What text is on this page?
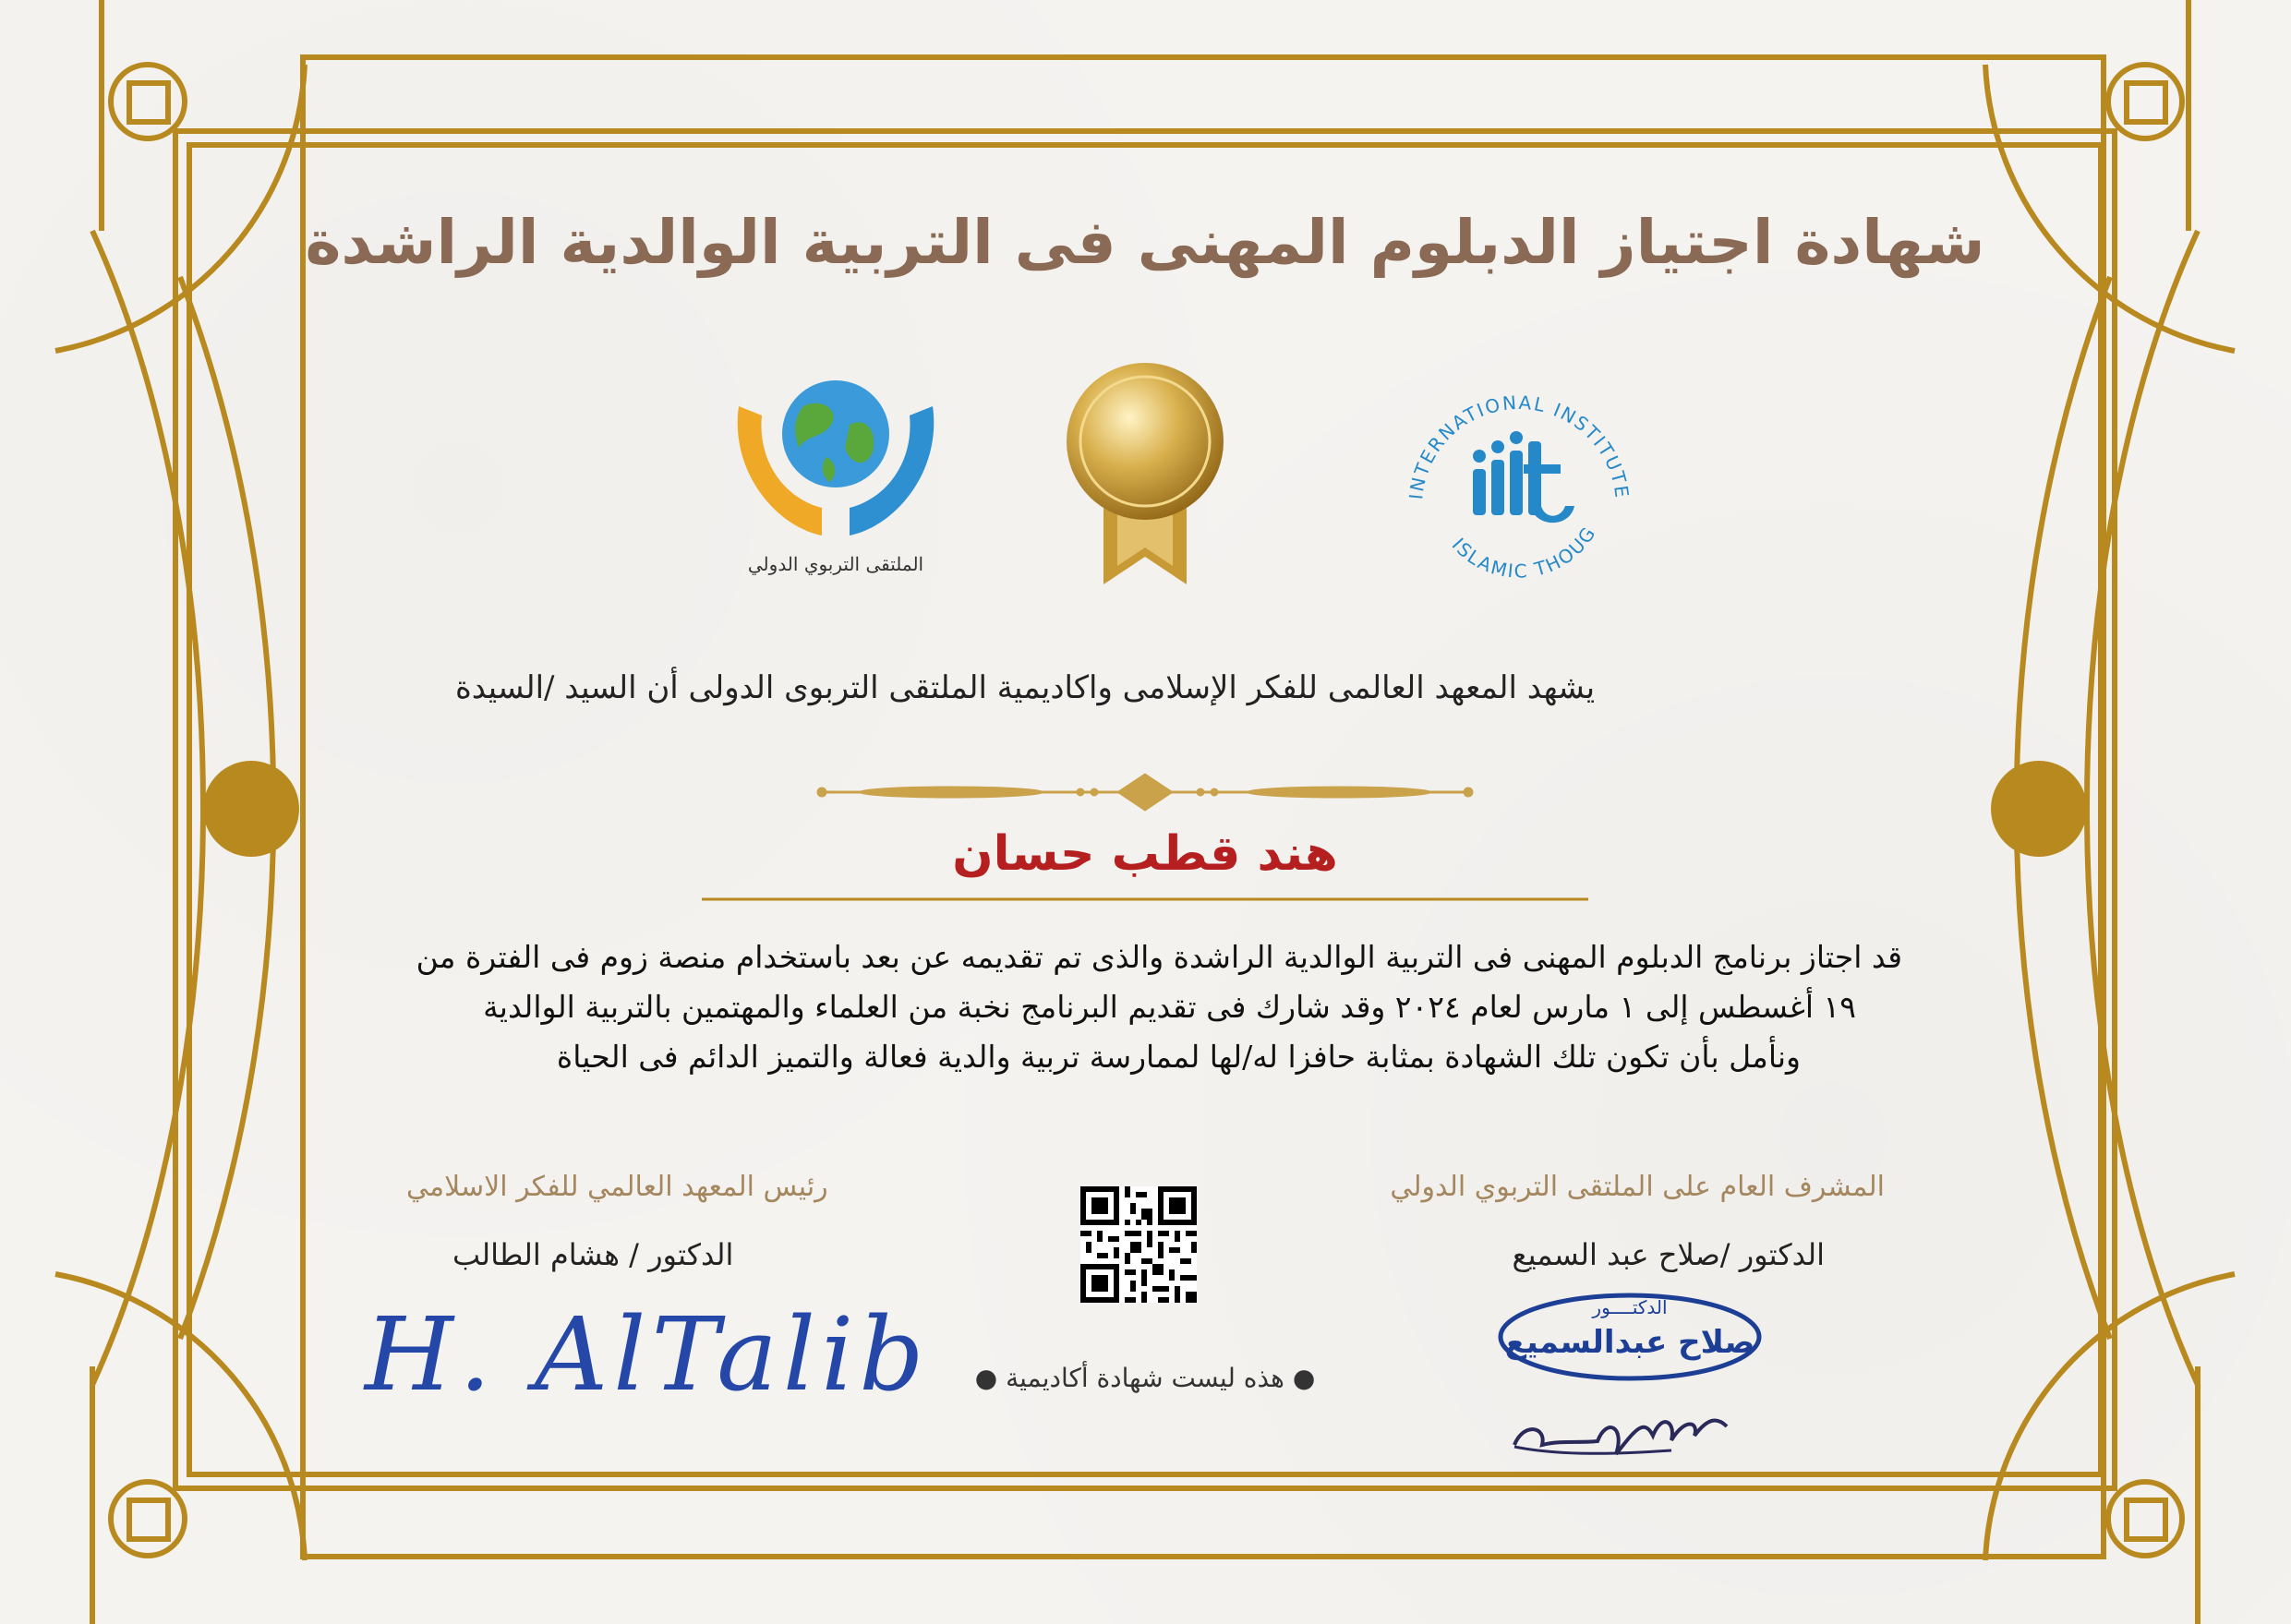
شهادة اجتياز الدبلوم المهنى فى التربية الوالدية الراشدة
الملتقى التربوي الدولي
INTERNATIONAL INSTITUTE
ISLAMIC THOUG
يشهد المعهد العالمى للفكر الإسلامى واكاديمية الملتقى التربوى الدولى أن السيد /السيدة
هند قطب حسان
قد اجتاز برنامج الدبلوم المهنى فى التربية الوالدية الراشدة والذى تم تقديمه عن بعد باستخدام منصة زوم فى الفترة من
١٩ أغسطس إلى ١ مارس لعام ٢٠٢٤ وقد شارك فى تقديم البرنامج نخبة من العلماء والمهتمين بالتربية الوالدية
ونأمل بأن تكون تلك الشهادة بمثابة حافزا له/لها لممارسة تربية والدية فعالة والتميز الدائم فى الحياة
المشرف العام على الملتقى التربوي الدولي
الدكتور /صلاح عبد السميع
الدكتــــور
صلاح عبدالسميع
رئيس المعهد العالمي للفكر الاسلامي
الدكتور / هشام الطالب
H. AlTalib	● هذه ليست شهادة أكاديمية ●
